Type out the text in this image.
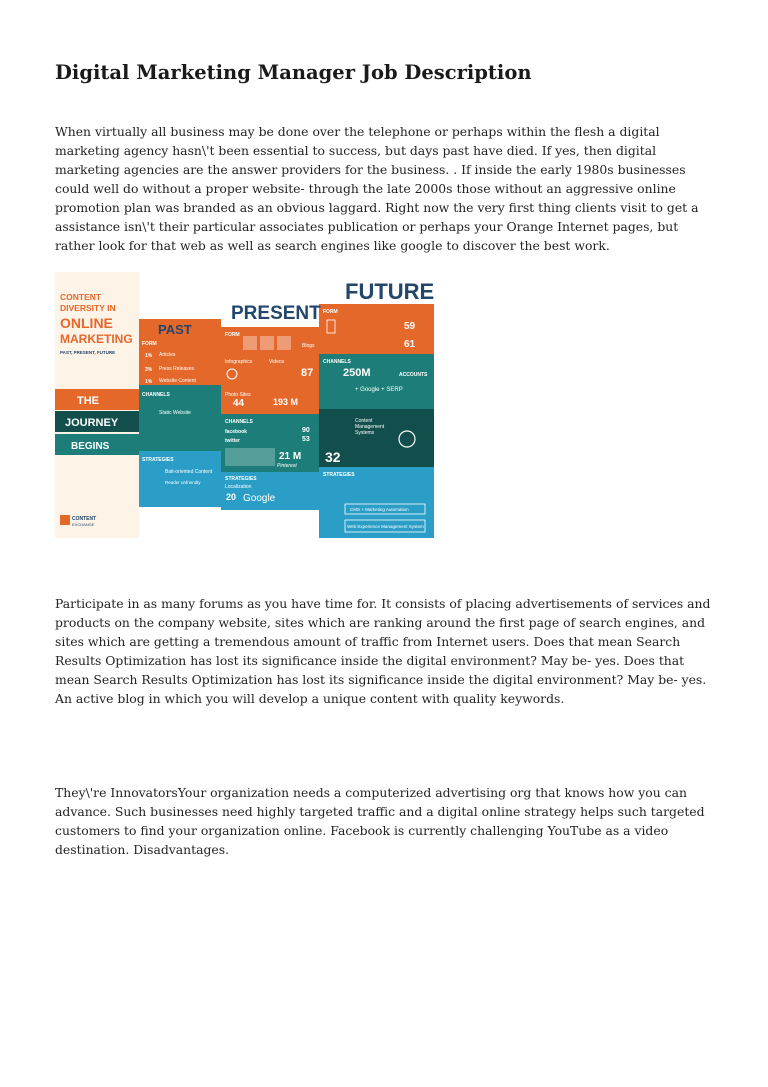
Digital Marketing Manager Job Description

When virtually all business may be done over the telephone or perhaps within the flesh a digital marketing agency hasn\'t been essential to success, but days past have died. If yes, then digital marketing agencies are the answer providers for the business. . If inside the early 1980s businesses could well do without a proper website- through the late 2000s those without an aggressive online promotion plan was branded as an obvious laggard. Right now the very first thing clients visit to get a assistance isn\'t their particular associates publication or perhaps your Orange Internet pages, but rather look for that web as well as search engines like google to discover the best work.

CONTENT
DIVERSITY IN
ONLINE
MARKETING
PAST, PRESENT, FUTURE
THE
JOURNEY
BEGINS
CONTENT
EXCHANGE
PAST
PRESENT
FUTURE
FORM
1% Articles
3% Press Releases
1% Website Content
CHANNELS
Static Website
STRATEGIES
Bait-oriented Content
Reader unfriendly
FORM
Infographics	Videos
Photo Sites
Blogs
87
44	193 M
CHANNELS
facebook	90
twitter	53
21 M
Pinterest
STRATEGIES
Localization
20 Google
FORM
59
61
CHANNELS
250M	ACCOUNTS
+ Google + SERP
Content
Management
Systems
32
STRATEGIES
CMS + Marketing Automation
Web Experience Management System

Participate in as many forums as you have time for. It consists of placing advertisements of services and products on the company website, sites which are ranking around the first page of search engines, and sites which are getting a tremendous amount of traffic from Internet users. Does that mean Search Results Optimization has lost its significance inside the digital environment? May be- yes. Does that mean Search Results Optimization has lost its significance inside the digital environment? May be- yes. An active blog in which you will develop a unique content with quality keywords.

They\'re InnovatorsYour organization needs a computerized advertising org that knows how you can advance. Such businesses need highly targeted traffic and a digital online strategy helps such targeted customers to find your organization online. Facebook is currently challenging YouTube as a video destination. Disadvantages.
